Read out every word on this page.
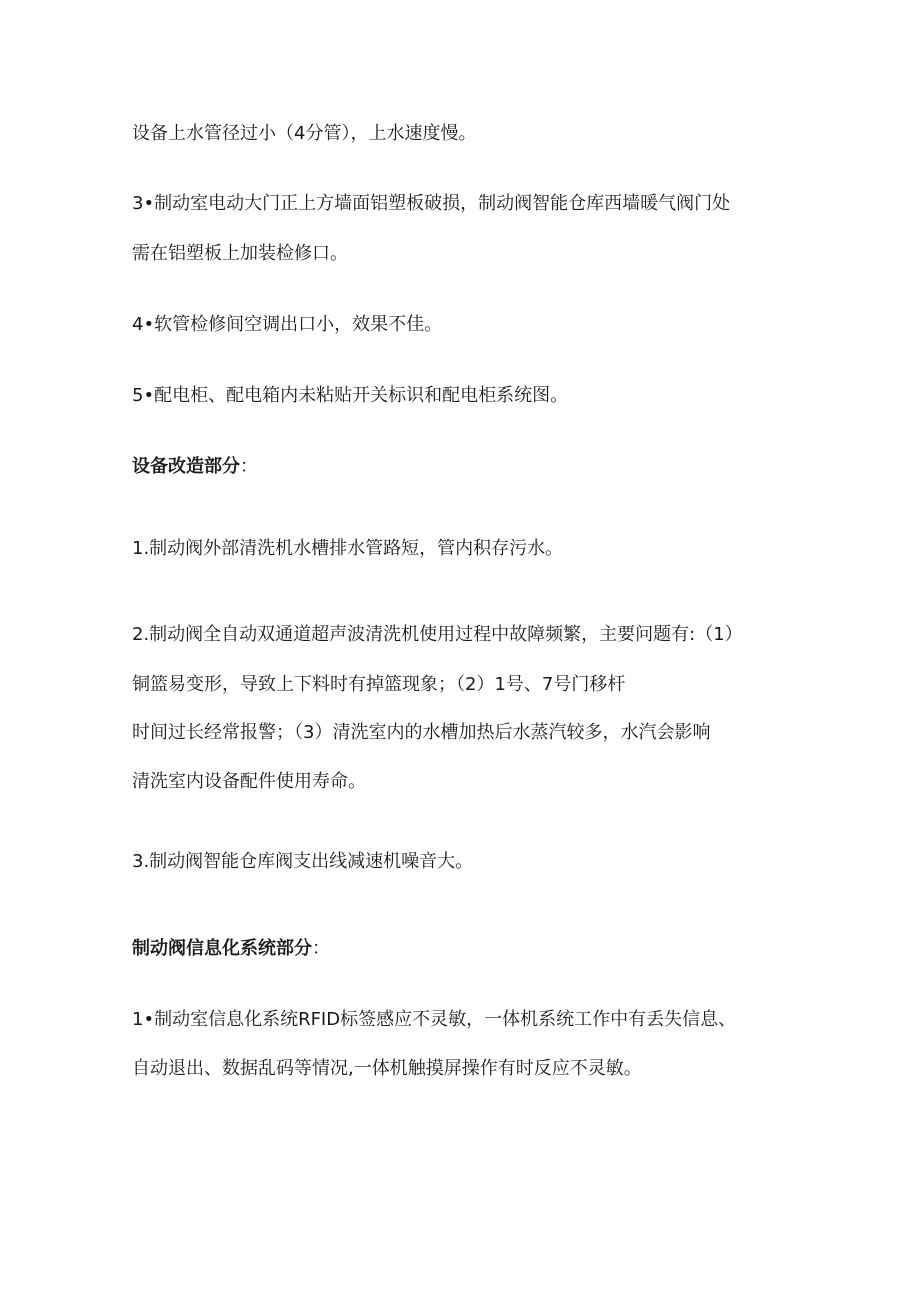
设备上水管径过小（4分管），上水速度慢。
3•制动室电动大门正上方墙面铝塑板破损，制动阀智能仓库西墙暖气阀门处
需在铝塑板上加装检修口。
4•软管检修间空调出口小，效果不佳。
5•配电柜、配电箱内未粘贴开关标识和配电柜系统图。
设备改造部分：
1.制动阀外部清洗机水槽排水管路短，管内积存污水。
2.制动阀全自动双通道超声波清洗机使用过程中故障频繁，主要问题有:（1）
铜篮易变形，导致上下料时有掉篮现象；（2）1号、7号门移杆
时间过长经常报警；（3）清洗室内的水槽加热后水蒸汽较多，水汽会影响
清洗室内设备配件使用寿命。
3.制动阀智能仓库阀支出线减速机噪音大。
制动阀信息化系统部分：
1•制动室信息化系统RFID标签感应不灵敏，一体机系统工作中有丢失信息、
自动退出、数据乱码等情况,一体机触摸屏操作有时反应不灵敏。
